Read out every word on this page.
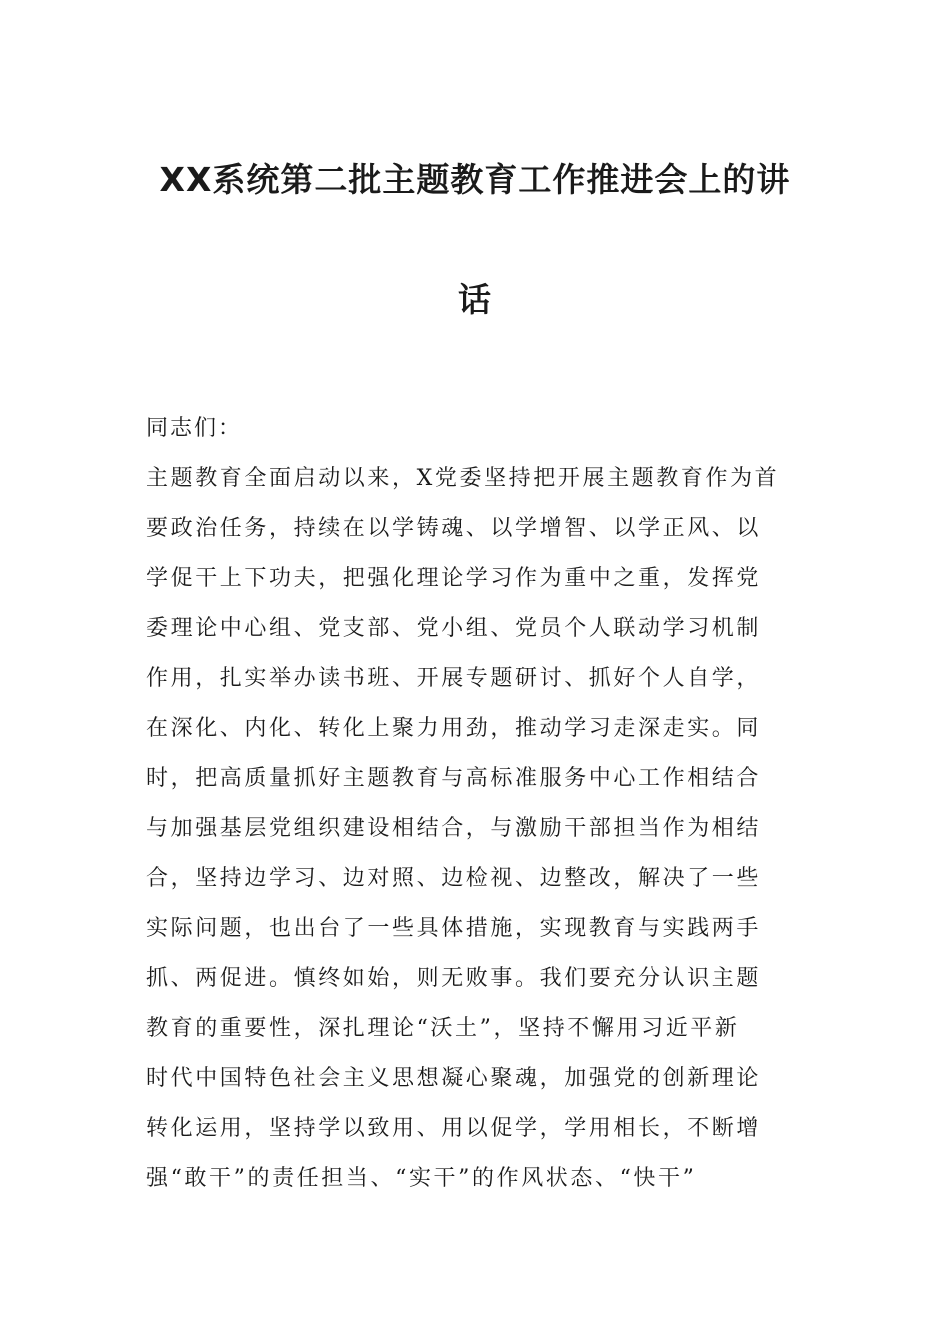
XX系统第二批主题教育工作推进会上的讲
话
同志们：
主题教育全面启动以来，X党委坚持把开展主题教育作为首
要政治任务，持续在以学铸魂、以学增智、以学正风、以
学促干上下功夫，把强化理论学习作为重中之重，发挥党
委理论中心组、党支部、党小组、党员个人联动学习机制
作用，扎实举办读书班、开展专题研讨、抓好个人自学，
在深化、内化、转化上聚力用劲，推动学习走深走实。同
时，把高质量抓好主题教育与高标准服务中心工作相结合
与加强基层党组织建设相结合，与激励干部担当作为相结
合，坚持边学习、边对照、边检视、边整改，解决了一些
实际问题，也出台了一些具体措施，实现教育与实践两手
抓、两促进。慎终如始，则无败事。我们要充分认识主题
教育的重要性，深扎理论“沃土”，坚持不懈用习近平新
时代中国特色社会主义思想凝心聚魂，加强党的创新理论
转化运用，坚持学以致用、用以促学，学用相长，不断增
强“敢干”的责任担当、“实干”的作风状态、“快干”
